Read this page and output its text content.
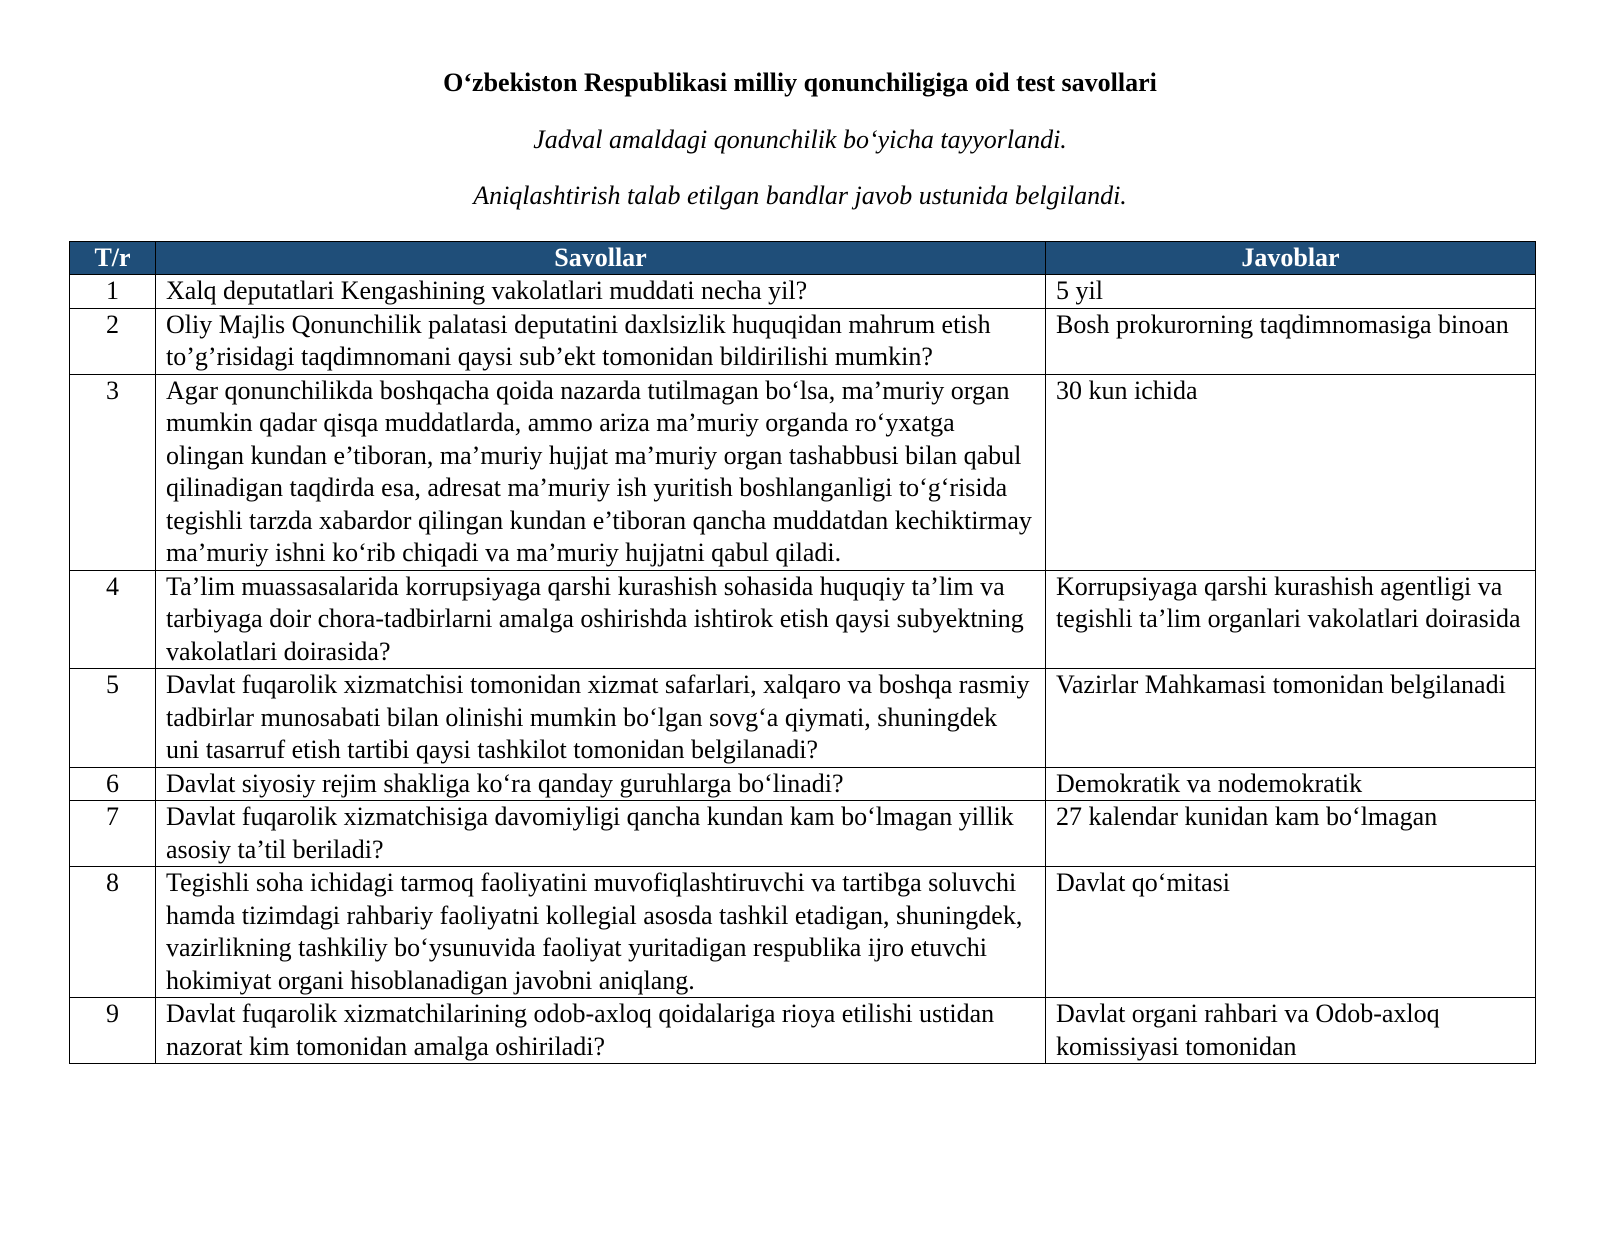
O‘zbekiston Respublikasi milliy qonunchiligiga oid test savollari

Jadval amaldagi qonunchilik bo‘yicha tayyorlandi.

Aniqlashtirish talab etilgan bandlar javob ustunida belgilandi.

T/r	Savollar	Javoblar
1	Xalq deputatlari Kengashining vakolatlari muddati necha yil?	5 yil
2	Oliy Majlis Qonunchilik palatasi deputatini daxlsizlik huquqidan mahrum etish to’g’risidagi taqdimnomani qaysi sub’ekt tomonidan bildirilishi mumkin?	Bosh prokurorning taqdimnomasiga binoan
3	Agar qonunchilikda boshqacha qoida nazarda tutilmagan bo‘lsa, ma’muriy organ mumkin qadar qisqa muddatlarda, ammo ariza ma’muriy organda ro‘yxatga olingan kundan e’tiboran, ma’muriy hujjat ma’muriy organ tashabbusi bilan qabul qilinadigan taqdirda esa, adresat ma’muriy ish yuritish boshlanganligi to‘g‘risida tegishli tarzda xabardor qilingan kundan e’tiboran qancha muddatdan kechiktirmay ma’muriy ishni ko‘rib chiqadi va ma’muriy hujjatni qabul qiladi.	30 kun ichida
4	Ta’lim muassasalarida korrupsiyaga qarshi kurashish sohasida huquqiy ta’lim va tarbiyaga doir chora-tadbirlarni amalga oshirishda ishtirok etish qaysi subyektning vakolatlari doirasida?	Korrupsiyaga qarshi kurashish agentligi va tegishli ta’lim organlari vakolatlari doirasida
5	Davlat fuqarolik xizmatchisi tomonidan xizmat safarlari, xalqaro va boshqa rasmiy tadbirlar munosabati bilan olinishi mumkin bo‘lgan sovg‘a qiymati, shuningdek uni tasarruf etish tartibi qaysi tashkilot tomonidan belgilanadi?	Vazirlar Mahkamasi tomonidan belgilanadi
6	Davlat siyosiy rejim shakliga ko‘ra qanday guruhlarga bo‘linadi?	Demokratik va nodemokratik
7	Davlat fuqarolik xizmatchisiga davomiyligi qancha kundan kam bo‘lmagan yillik asosiy ta’til beriladi?	27 kalendar kunidan kam bo‘lmagan
8	Tegishli soha ichidagi tarmoq faoliyatini muvofiqlashtiruvchi va tartibga soluvchi hamda tizimdagi rahbariy faoliyatni kollegial asosda tashkil etadigan, shuningdek, vazirlikning tashkiliy bo‘ysunuvida faoliyat yuritadigan respublika ijro etuvchi hokimiyat organi hisoblanadigan javobni aniqlang.	Davlat qo‘mitasi
9	Davlat fuqarolik xizmatchilarining odob-axloq qoidalariga rioya etilishi ustidan nazorat kim tomonidan amalga oshiriladi?	Davlat organi rahbari va Odob-axloq komissiyasi tomonidan
